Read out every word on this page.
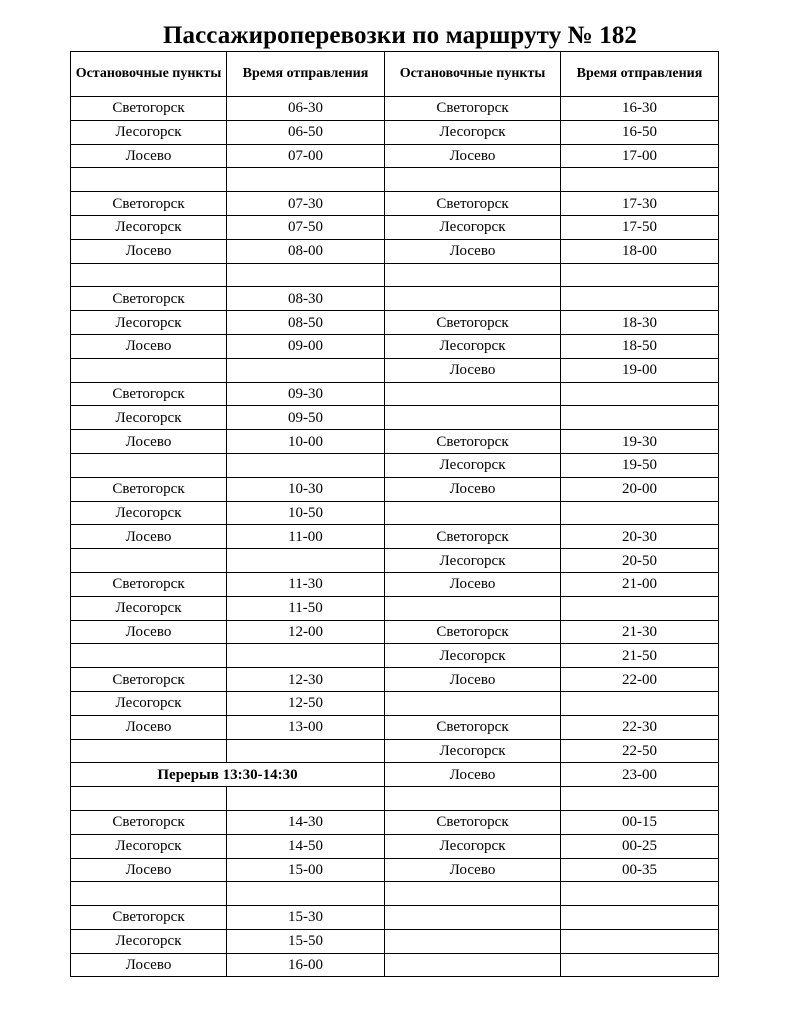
Пассажироперевозки по маршруту № 182
Остановочные пункты	Время отправления	Остановочные пункты	Время отправления
Светогорск	06-30	Светогорск	16-30
Лесогорск	06-50	Лесогорск	16-50
Лосево	07-00	Лосево	17-00

Светогорск	07-30	Светогорск	17-30
Лесогорск	07-50	Лесогорск	17-50
Лосево	08-00	Лосево	18-00

Светогорск	08-30		
Лесогорск	08-50	Светогорск	18-30
Лосево	09-00	Лесогорск	18-50
		Лосево	19-00
Светогорск	09-30		
Лесогорск	09-50		
Лосево	10-00	Светогорск	19-30
		Лесогорск	19-50
Светогорск	10-30	Лосево	20-00
Лесогорск	10-50		
Лосево	11-00	Светогорск	20-30
		Лесогорск	20-50
Светогорск	11-30	Лосево	21-00
Лесогорск	11-50		
Лосево	12-00	Светогорск	21-30
		Лесогорск	21-50
Светогорск	12-30	Лосево	22-00
Лесогорск	12-50		
Лосево	13-00	Светогорск	22-30
		Лесогорск	22-50
Перерыв 13:30-14:30		Лосево	23-00

Светогорск	14-30	Светогорск	00-15
Лесогорск	14-50	Лесогорск	00-25
Лосево	15-00	Лосево	00-35

Светогорск	15-30		
Лесогорск	15-50		
Лосево	16-00		
